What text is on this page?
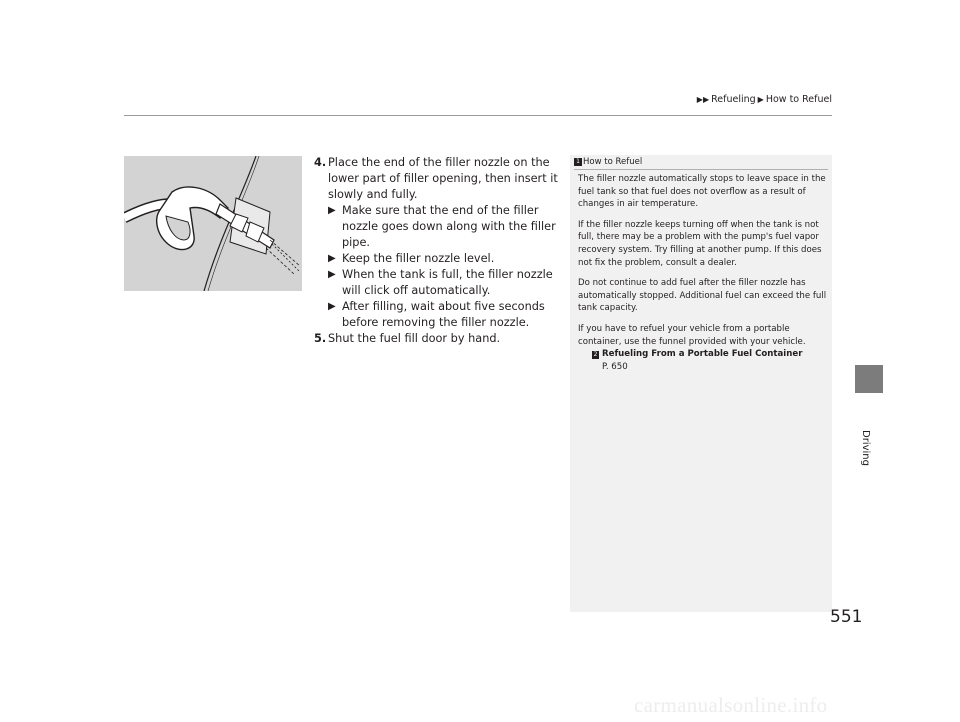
▶▶ Refueling ▶ How to Refuel
Driving
4. Place the end of the filler nozzle on the lower part of filler opening, then insert it slowly and fully.
▶ Make sure that the end of the filler nozzle goes down along with the filler pipe.
▶ Keep the filler nozzle level.
▶ When the tank is full, the filler nozzle will click off automatically.
▶ After filling, wait about five seconds before removing the filler nozzle.
5. Shut the fuel fill door by hand.
1 How to Refuel

The filler nozzle automatically stops to leave space in the fuel tank so that fuel does not overflow as a result of changes in air temperature.

If the filler nozzle keeps turning off when the tank is not full, there may be a problem with the pump's fuel vapor recovery system. Try filling at another pump. If this does not fix the problem, consult a dealer.

Do not continue to add fuel after the filler nozzle has automatically stopped. Additional fuel can exceed the full tank capacity.

If you have to refuel your vehicle from a portable container, use the funnel provided with your vehicle.

2 Refueling From a Portable Fuel Container
P. 650
551
carmanualsonline.info
